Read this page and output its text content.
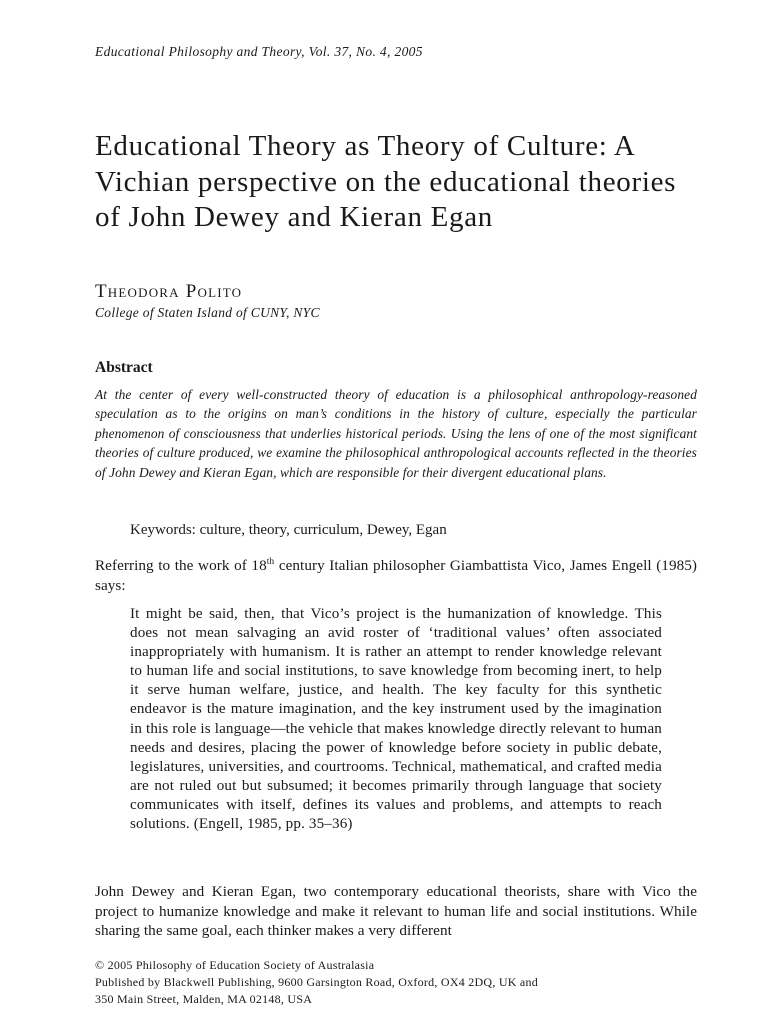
Educational Philosophy and Theory, Vol. 37, No. 4, 2005
Educational Theory as Theory of Culture: A Vichian perspective on the educational theories of John Dewey and Kieran Egan
Theodora Polito
College of Staten Island of CUNY, NYC
Abstract

At the center of every well-constructed theory of education is a philosophical anthropology-reasoned speculation as to the origins on man’s conditions in the history of culture, especially the particular phenomenon of consciousness that underlies historical periods. Using the lens of one of the most significant theories of culture produced, we examine the philosophical anthropological accounts reflected in the theories of John Dewey and Kieran Egan, which are responsible for their divergent educational plans.

Keywords: culture, theory, curriculum, Dewey, Egan

Referring to the work of 18th century Italian philosopher Giambattista Vico, James Engell (1985) says:

It might be said, then, that Vico’s project is the humanization of knowledge. This does not mean salvaging an avid roster of ‘traditional values’ often associated inappropriately with humanism. It is rather an attempt to render knowledge relevant to human life and social institutions, to save knowledge from becoming inert, to help it serve human welfare, justice, and health. The key faculty for this synthetic endeavor is the mature imagination, and the key instrument used by the imagination in this role is language—the vehicle that makes knowledge directly relevant to human needs and desires, placing the power of knowledge before society in public debate, legislatures, universities, and courtrooms. Technical, mathematical, and crafted media are not ruled out but subsumed; it becomes primarily through language that society communicates with itself, defines its values and problems, and attempts to reach solutions. (Engell, 1985, pp. 35–36)

John Dewey and Kieran Egan, two contemporary educational theorists, share with Vico the project to humanize knowledge and make it relevant to human life and social institutions. While sharing the same goal, each thinker makes a very different

© 2005 Philosophy of Education Society of Australasia
Published by Blackwell Publishing, 9600 Garsington Road, Oxford, OX4 2DQ, UK and
350 Main Street, Malden, MA 02148, USA
